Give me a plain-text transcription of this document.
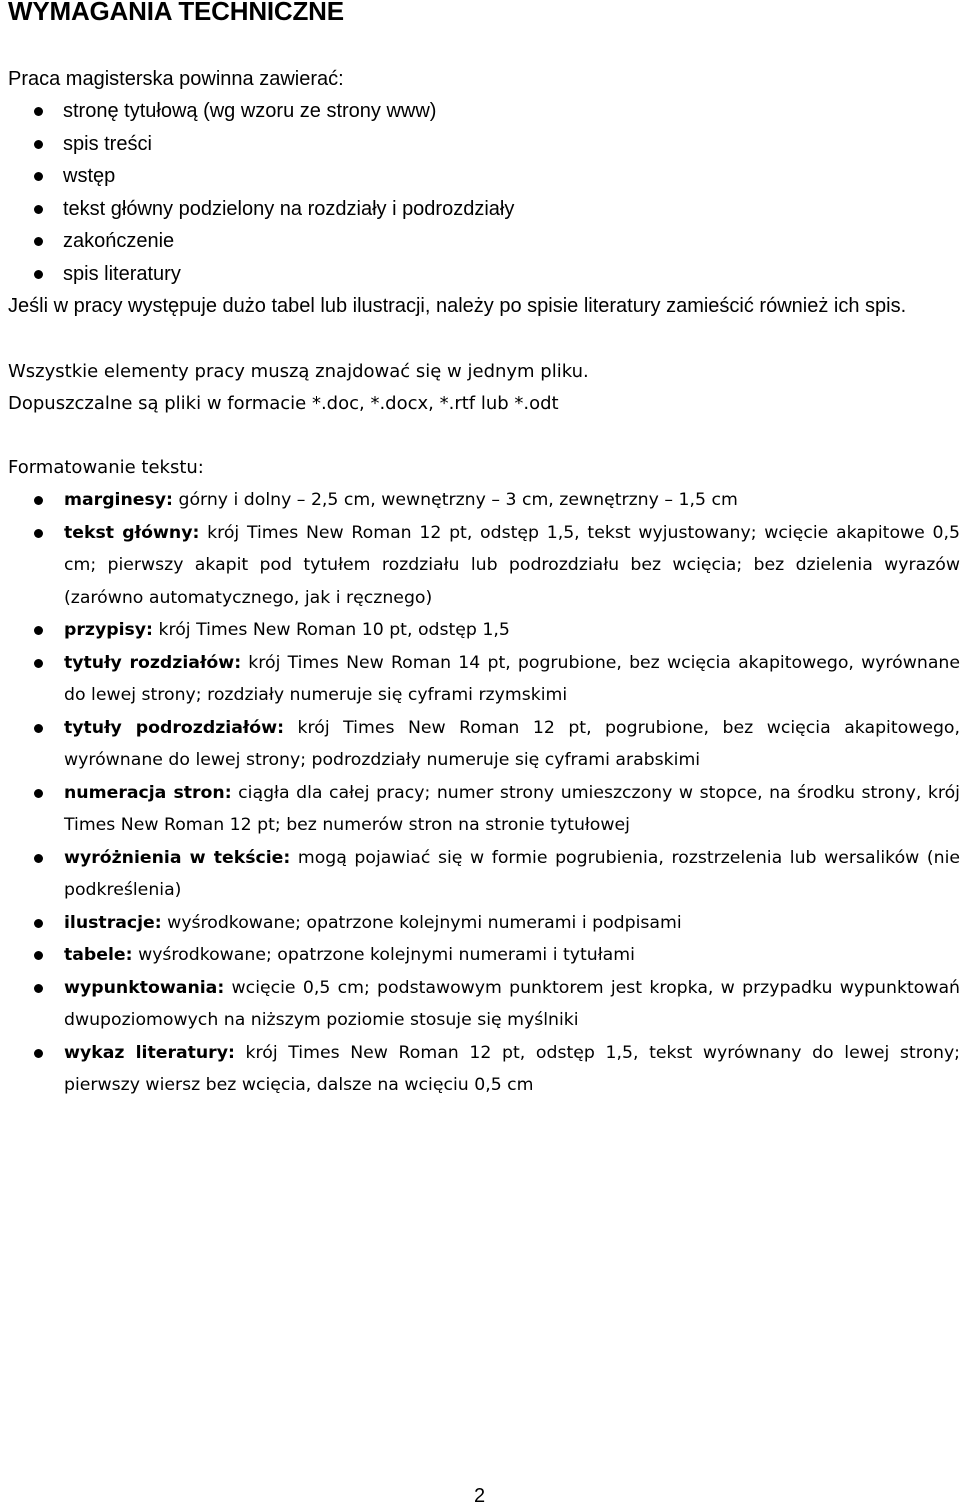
WYMAGANIA TECHNICZNE

Praca magisterska powinna zawierać:

stronę tytułową (wg wzoru ze strony www)
spis treści
wstęp
tekst główny podzielony na rozdziały i podrozdziały
zakończenie
spis literatury

Jeśli w pracy występuje dużo tabel lub ilustracji, należy po spisie literatury zamieścić również ich spis.

Wszystkie elementy pracy muszą znajdować się w jednym pliku.
Dopuszczalne są pliki w formacie *.doc, *.docx, *.rtf lub *.odt

Formatowanie tekstu:

marginesy: górny i dolny – 2,5 cm, wewnętrzny – 3 cm, zewnętrzny – 1,5 cm
tekst główny: krój Times New Roman 12 pt, odstęp 1,5, tekst wyjustowany; wcięcie akapitowe 0,5 cm; pierwszy akapit pod tytułem rozdziału lub podrozdziału bez wcięcia; bez dzielenia wyrazów (zarówno automatycznego, jak i ręcznego)
przypisy: krój Times New Roman 10 pt, odstęp 1,5
tytuły rozdziałów: krój Times New Roman 14 pt, pogrubione, bez wcięcia akapitowego, wyrównane do lewej strony; rozdziały numeruje się cyframi rzymskimi
tytuły podrozdziałów: krój Times New Roman 12 pt, pogrubione, bez wcięcia akapitowego, wyrównane do lewej strony; podrozdziały numeruje się cyframi arabskimi
numeracja stron: ciągła dla całej pracy; numer strony umieszczony w stopce, na środku strony, krój Times New Roman 12 pt; bez numerów stron na stronie tytułowej
wyróżnienia w tekście: mogą pojawiać się w formie pogrubienia, rozstrzelenia lub wersalików (nie podkreślenia)
ilustracje: wyśrodkowane; opatrzone kolejnymi numerami i podpisami
tabele: wyśrodkowane; opatrzone kolejnymi numerami i tytułami
wypunktowania: wcięcie 0,5 cm; podstawowym punktorem jest kropka, w przypadku wypunktowań dwupoziomowych na niższym poziomie stosuje się myślniki
wykaz literatury: krój Times New Roman 12 pt, odstęp 1,5, tekst wyrównany do lewej strony; pierwszy wiersz bez wcięcia, dalsze na wcięciu 0,5 cm

2
